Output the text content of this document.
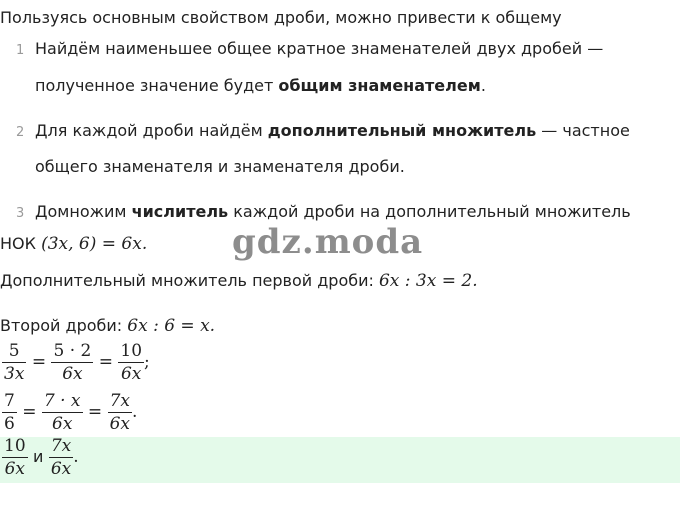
Пользуясь основным свойством дроби, можно привести к общему
1 Найдём наименьшее общее кратное знаменателей двух дробей —
полученное значение будет общим знаменателем.
2 Для каждой дроби найдём дополнительный множитель — частное
общего знаменателя и знаменателя дроби.
3 Домножим числитель каждой дроби на дополнительный множитель
НОК (3x, 6) = 6x. gdz.moda
Дополнительный множитель первой дроби: 6x : 3x = 2.
Второй дроби: 6x : 6 = x.
$\frac{5}{3x} = \frac{5 \cdot 2}{6x} = \frac{10}{6x}$ ;
$\frac{7}{6} = \frac{7 \cdot x}{6x} = \frac{7x}{6x}$ .
$\frac{10}{6x}$ и $\frac{7x}{6x}$ .
